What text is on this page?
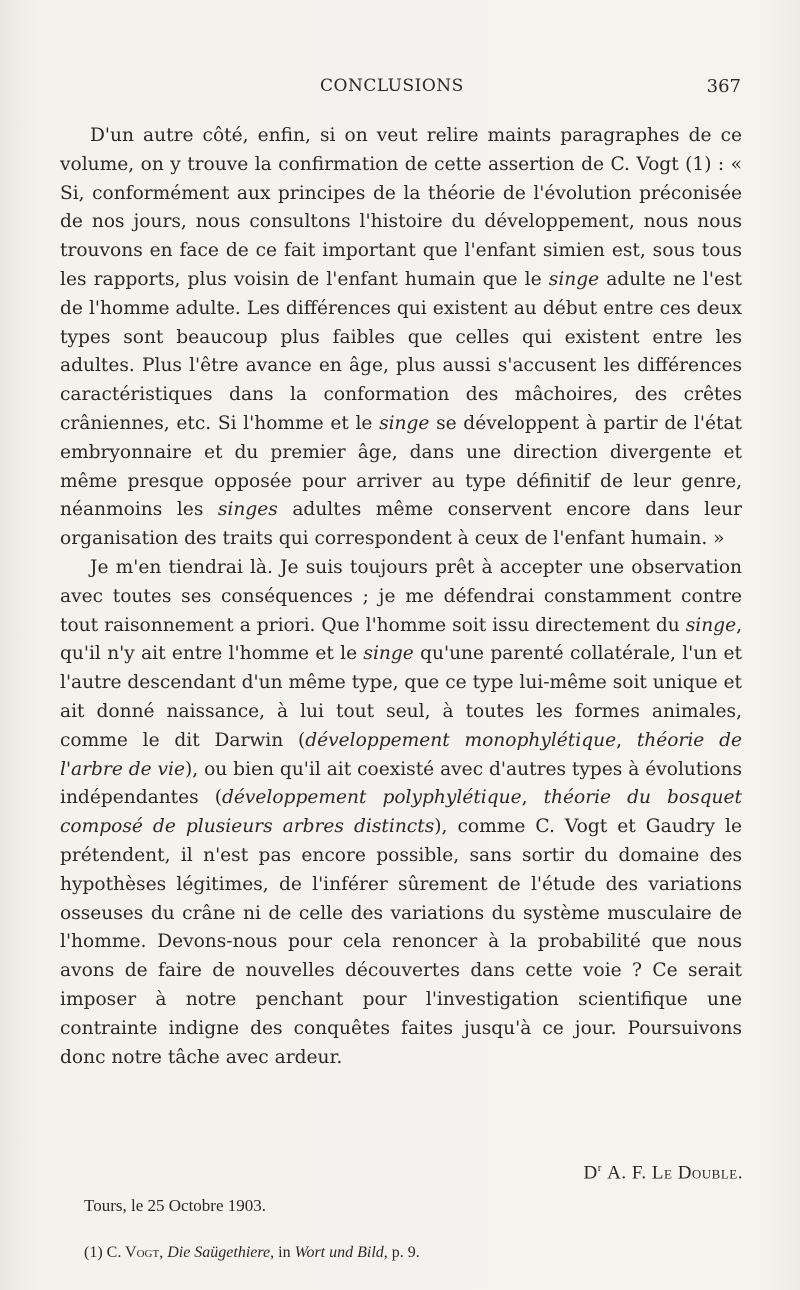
CONCLUSIONS	367

D'un autre côté, enfin, si on veut relire maints paragraphes de ce volume, on y trouve la confirmation de cette assertion de C. Vogt (1) : « Si, conformément aux principes de la théorie de l'évolution préconisée de nos jours, nous consultons l'histoire du développement, nous nous trouvons en face de ce fait important que l'enfant simien est, sous tous les rapports, plus voisin de l'enfant humain que le singe adulte ne l'est de l'homme adulte. Les différences qui existent au début entre ces deux types sont beaucoup plus faibles que celles qui existent entre les adultes. Plus l'être avance en âge, plus aussi s'accusent les différences caractéristiques dans la conformation des mâchoires, des crêtes crâniennes, etc. Si l'homme et le singe se développent à partir de l'état embryonnaire et du premier âge, dans une direction divergente et même presque opposée pour arriver au type définitif de leur genre, néanmoins les singes adultes même conservent encore dans leur organisation des traits qui correspondent à ceux de l'enfant humain. »

Je m'en tiendrai là. Je suis toujours prêt à accepter une observation avec toutes ses conséquences ; je me défendrai constamment contre tout raisonnement a priori. Que l'homme soit issu directement du singe, qu'il n'y ait entre l'homme et le singe qu'une parenté collatérale, l'un et l'autre descendant d'un même type, que ce type lui-même soit unique et ait donné naissance, à lui tout seul, à toutes les formes animales, comme le dit Darwin (développement monophylétique, théorie de l'arbre de vie), ou bien qu'il ait coexisté avec d'autres types à évolutions indépendantes (développement polyphylétique, théorie du bosquet composé de plusieurs arbres distincts), comme C. Vogt et Gaudry le prétendent, il n'est pas encore possible, sans sortir du domaine des hypothèses légitimes, de l'inférer sûrement de l'étude des variations osseuses du crâne ni de celle des variations du système musculaire de l'homme. Devons-nous pour cela renoncer à la probabilité que nous avons de faire de nouvelles découvertes dans cette voie ? Ce serait imposer à notre penchant pour l'investigation scientifique une contrainte indigne des conquêtes faites jusqu'à ce jour. Poursuivons donc notre tâche avec ardeur.

$D^r$ A. F. Le Double.
Tours, le 25 Octobre 1903.
(1) C. Vogt, Die Saügethiere, in Wort und Bild, p. 9.
